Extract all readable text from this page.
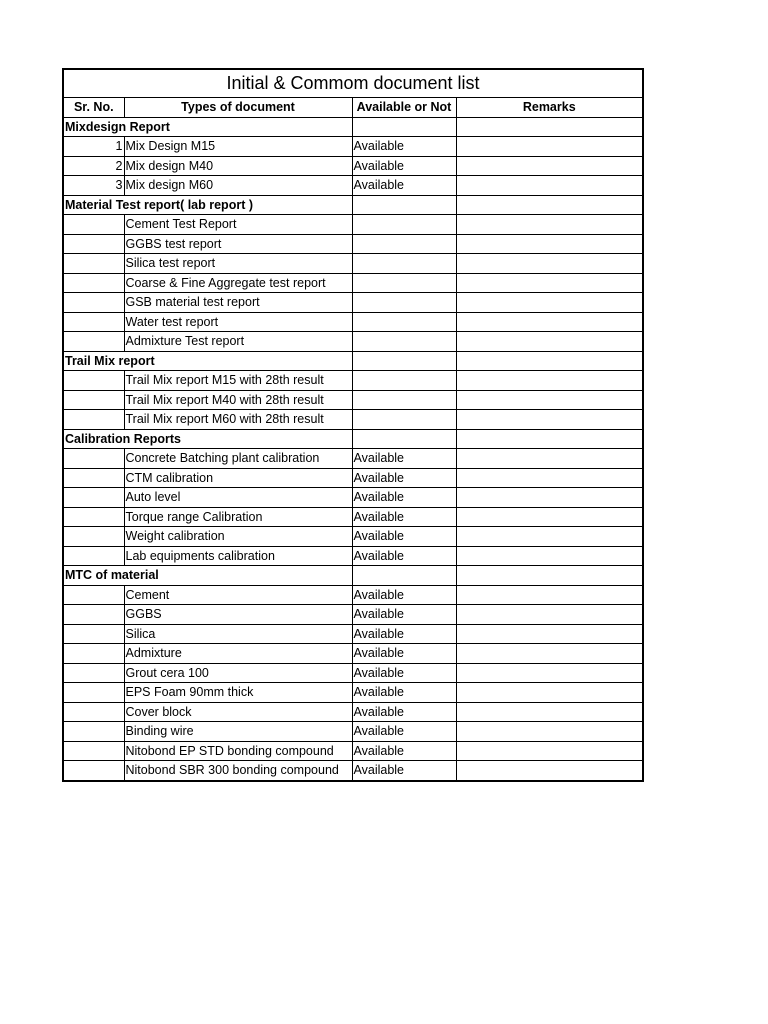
Initial & Commom document list			
Sr. No.	Types of document	Available or Not	Remarks
Mixdesign Report			
1	Mix Design M15	Available	
2	Mix design M40	Available	
3	Mix design M60	Available	
Material Test report( lab report )			
	Cement Test Report		
	GGBS test report		
	Silica test report		
	Coarse & Fine Aggregate test report		
	GSB material test report		
	Water test report		
	Admixture Test report		
Trail Mix report			
	Trail Mix report M15 with 28th result		
	Trail Mix report M40 with 28th result		
	Trail Mix report M60 with 28th result		
Calibration Reports			
	Concrete Batching plant calibration	Available	
	CTM calibration	Available	
	Auto level	Available	
	Torque range Calibration	Available	
	Weight calibration	Available	
	Lab equipments calibration	Available	
MTC of material			
	Cement	Available	
	GGBS	Available	
	Silica	Available	
	Admixture	Available	
	Grout cera 100	Available	
	EPS Foam 90mm thick	Available	
	Cover block	Available	
	Binding wire	Available	
	Nitobond EP STD bonding compound	Available	
	Nitobond SBR 300 bonding compound	Available	
